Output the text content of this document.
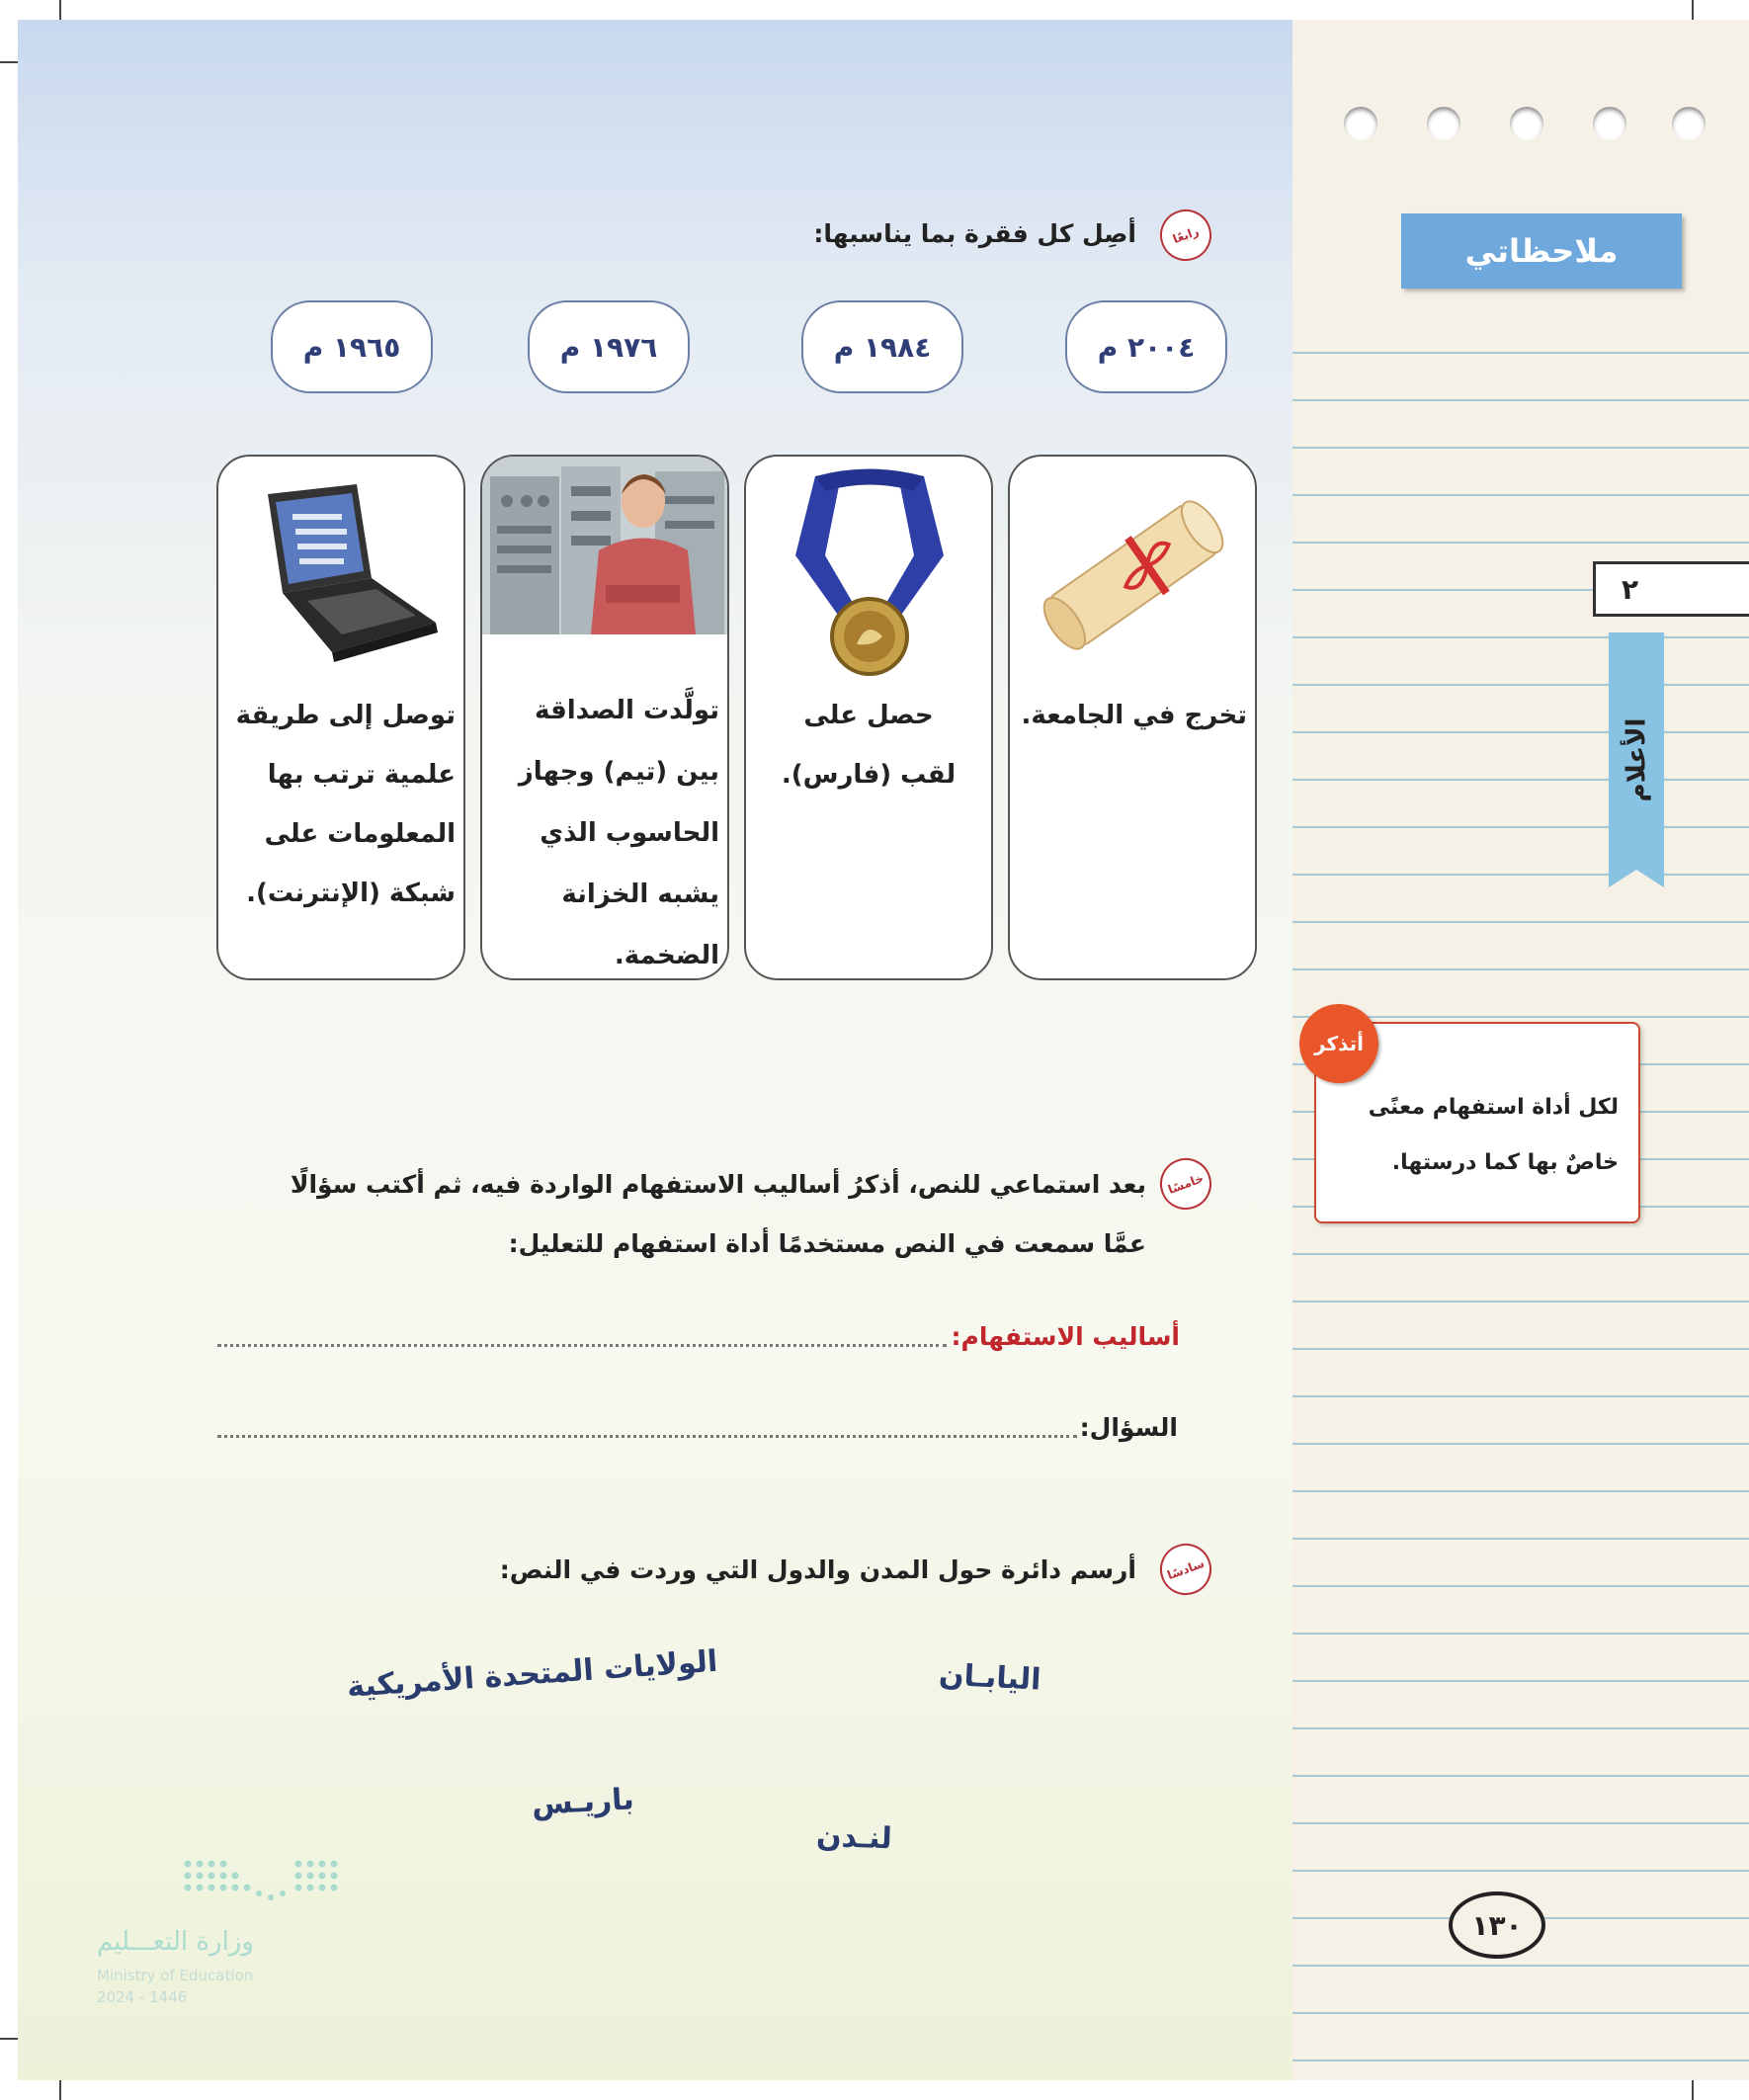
رابعًا
أصِل كل فقرة بما يناسبها:
٢٠٠٤ م
١٩٨٤ م
١٩٧٦ م
١٩٦٥ م
تخرج في الجامعة.
حصل على لقب (فارس).
تولَّدت الصداقة بين (تيم) وجهاز الحاسوب الذي يشبه الخزانة الضخمة.
توصل إلى طريقة علمية ترتب بها المعلومات على شبكة (الإنترنت).
خامسًا
بعد استماعي للنص، أذكرُ أساليب الاستفهام الواردة فيه، ثم أكتب سؤالًا
عمَّا سمعت في النص مستخدمًا أداة استفهام للتعليل:
أساليب الاستفهام:
السؤال:
سادسًا
أرسم دائرة حول المدن والدول التي وردت في النص:
الولايات المتحدة الأمريكية	اليابـان
باريـس
لنـدن
وزارة التعـــليم
Ministry of Education
2024 - 1446
ملاحظاتي
٢
الأعلام
لكل أداة استفهام معنًى
خاصٌ بها كما درستها.
أتذكر
١٣٠
